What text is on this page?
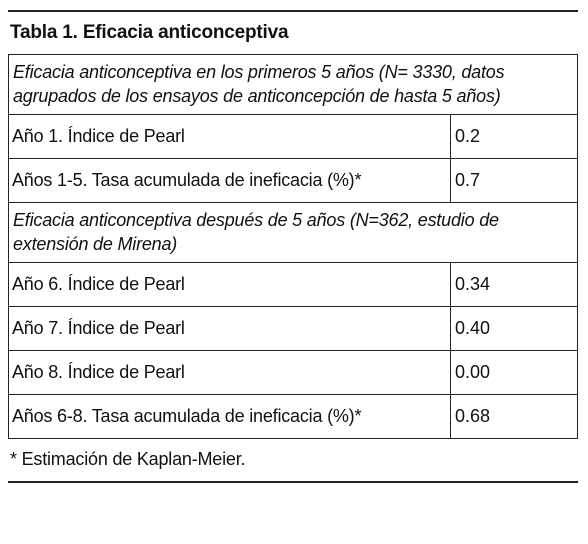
Tabla 1. Eficacia anticonceptiva
Eficacia anticonceptiva en los primeros 5 años (N= 3330, datos agrupados de los ensayos de anticoncepción de hasta 5 años)
Año 1. Índice de Pearl	0.2
Años 1-5. Tasa acumulada de ineficacia (%)*	0.7
Eficacia anticonceptiva después de 5 años (N=362, estudio de extensión de Mirena)
Año 6. Índice de Pearl	0.34
Año 7. Índice de Pearl	0.40
Año 8. Índice de Pearl	0.00
Años 6-8. Tasa acumulada de ineficacia (%)*	0.68
* Estimación de Kaplan-Meier.
